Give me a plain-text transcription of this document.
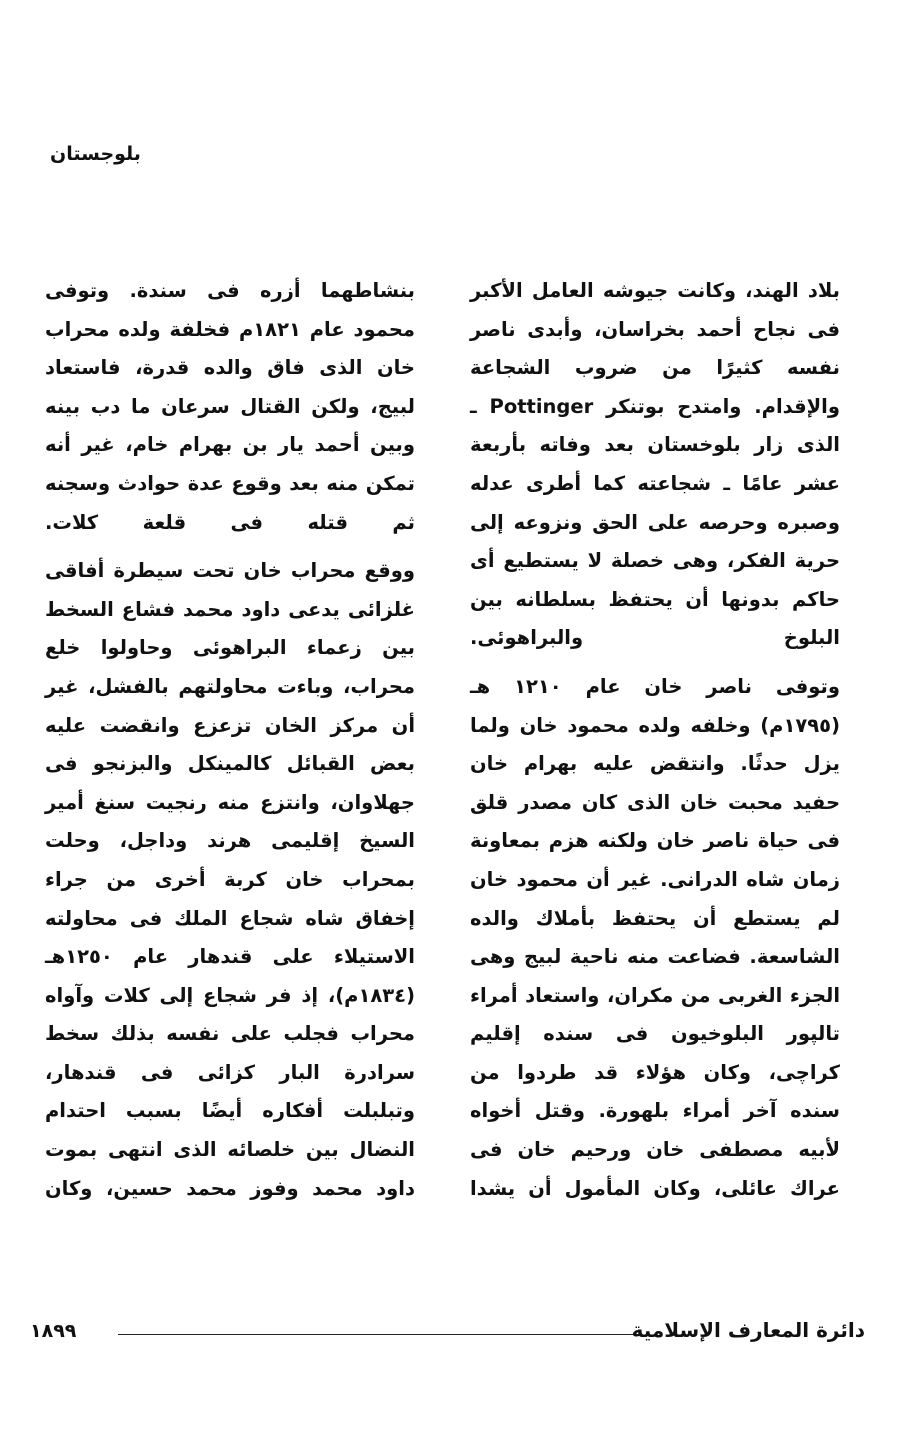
بلوجستان

بلاد الهند، وكانت جيوشه العامل الأكبر فى نجاح أحمد بخراسان، وأبدى ناصر نفسه كثيرًا من ضروب الشجاعة والإقدام. وامتدح بوتنكر Pottinger ـ الذى زار بلوخستان بعد وفاته بأربعة عشر عامًا ـ شجاعته كما أطرى عدله وصبره وحرصه على الحق ونزوعه إلى حرية الفكر، وهى خصلة لا يستطيع أى حاكم بدونها أن يحتفظ بسلطانه بين البلوخ والبراهوئى.

وتوفى ناصر خان عام ١٢١٠ هـ (١٧٩٥م) وخلفه ولده محمود خان ولما يزل حدثًا. وانتقض عليه بهرام خان حفيد محبت خان الذى كان مصدر قلق فى حياة ناصر خان ولكنه هزم بمعاونة زمان شاه الدرانى. غير أن محمود خان لم يستطع أن يحتفظ بأملاك والده الشاسعة. فضاعت منه ناحية لبيج وهى الجزء الغربى من مكران، واستعاد أمراء تالپور البلوخيون فى سنده إقليم كراچى، وكان هؤلاء قد طردوا من سنده آخر أمراء بلهورة. وقتل أخواه لأبيه مصطفى خان ورحيم خان فى عراك عائلى، وكان المأمول أن يشدا

بنشاطهما أزره فى سندة. وتوفى محمود عام ١٨٢١م فخلفة ولده محراب خان الذى فاق والده قدرة، فاستعاد لبيج، ولكن القتال سرعان ما دب بينه وبين أحمد يار بن بهرام خام، غير أنه تمكن منه بعد وقوع عدة حوادث وسجنه ثم قتله فى قلعة كلات.

ووقع محراب خان تحت سيطرة أفاقى غلزائى يدعى داود محمد فشاع السخط بين زعماء البراهوئى وحاولوا خلع محراب، وباءت محاولتهم بالفشل، غير أن مركز الخان تزعزع وانقضت عليه بعض القبائل كالمينكل والبزنجو فى جهلاوان، وانتزع منه رنجيت سنغ أمير السيخ إقليمى هرند وداجل، وحلت بمحراب خان كربة أخرى من جراء إخفاق شاه شجاع الملك فى محاولته الاستيلاء على قندهار عام ١٢٥٠هـ (١٨٣٤م)، إذ فر شجاع إلى كلات وآواه محراب فجلب على نفسه بذلك سخط سرادرة البار كزائى فى قندهار، وتبلبلت أفكاره أيضًا بسبب احتدام النضال بين خلصائه الذى انتهى بموت داود محمد وفوز محمد حسين، وكان

دائرة المعارف الإسلامية
١٨٩٩
